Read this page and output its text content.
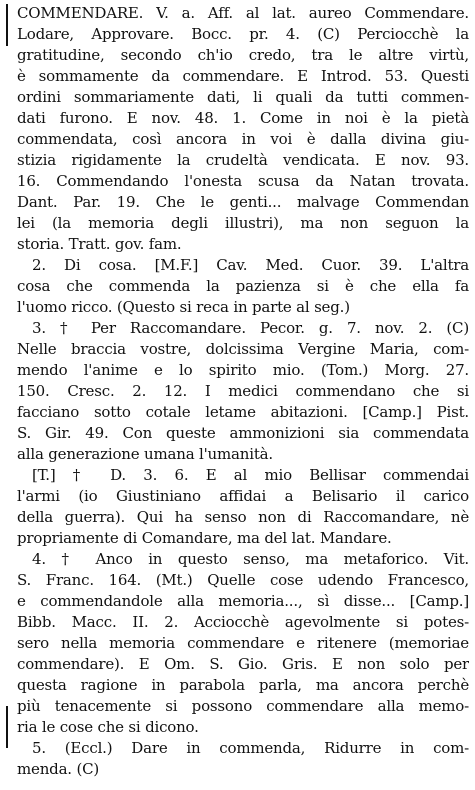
COMMENDARE. V. a. Aff. al lat. aureo Commendare.
Lodare, Approvare. Bocc. pr. 4. (C) Perciocchè la
gratitudine, secondo ch'io credo, tra le altre virtù,
è sommamente da commendare. E Introd. 53. Questi
ordini sommariamente dati, li quali da tutti commen-
dati furono. E nov. 48. 1. Come in noi è la pietà
commendata, così ancora in voi è dalla divina giu-
stizia rigidamente la crudeltà vendicata. E nov. 93.
16. Commendando l'onesta scusa da Natan trovata.
Dant. Par. 19. Che le genti... malvage Commendan
lei (la memoria degli illustri), ma non seguon la
storia. Tratt. gov. fam.
2. Di cosa. [M.F.] Cav. Med. Cuor. 39. L'altra
cosa che commenda la pazienza si è che ella fa
l'uomo ricco. (Questo si reca in parte al seg.)
3. † Per Raccomandare. Pecor. g. 7. nov. 2. (C)
Nelle braccia vostre, dolcissima Vergine Maria, com-
mendo l'anime e lo spirito mio. (Tom.) Morg. 27.
150. Cresc. 2. 12. I medici commendano che si
facciano sotto cotale letame abitazioni. [Camp.] Pist.
S. Gir. 49. Con queste ammonizioni sia commendata
alla generazione umana l'umanità.
[T.] † D. 3. 6. E al mio Bellisar commendai
l'armi (io Giustiniano affidai a Belisario il carico
della guerra). Qui ha senso non di Raccomandare, nè
propriamente di Comandare, ma del lat. Mandare.
4. † Anco in questo senso, ma metaforico. Vit.
S. Franc. 164. (Mt.) Quelle cose udendo Francesco,
e commendandole alla memoria..., sì disse... [Camp.]
Bibb. Macc. II. 2. Acciocchè agevolmente si potes-
sero nella memoria commendare e ritenere (memoriae
commendare). E Om. S. Gio. Gris. E non solo per
questa ragione in parabola parla, ma ancora perchè
più tenacemente si possono commendare alla memo-
ria le cose che si dicono.
5. (Eccl.) Dare in commenda, Ridurre in com-
menda. (C)
